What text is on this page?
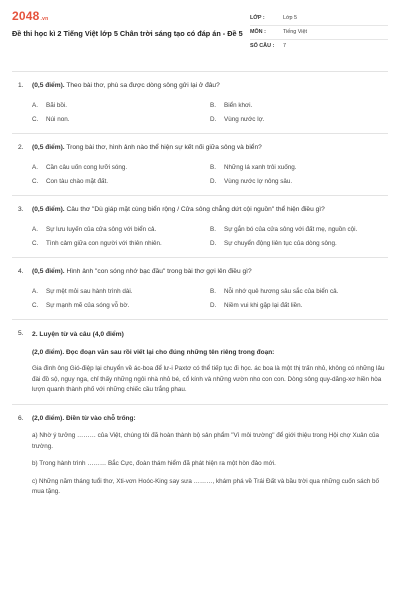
2048 .vn
Đề thi học kì 2 Tiếng Việt lớp 5 Chân trời sáng tạo có đáp án - Đề 5
LỚP :	Lớp 5
MÔN :	Tiếng Việt
SỐ CÂU :	7
1.	(0,5 điểm). Theo bài thơ, phù sa được dòng sông gửi lại ở đâu?
A.	Bãi bồi.	B.	Biển khơi.
C.	Núi non.	D.	Vùng nước lợ.
2.	(0,5 điểm). Trong bài thơ, hình ảnh nào thể hiện sự kết nối giữa sông và biển?
A.	Cần câu uốn cong lưỡi sóng.	B.	Những lá xanh trôi xuống.
C.	Con tàu chào mặt đất.	D.	Vùng nước lợ nông sâu.
3.	(0,5 điểm). Câu thơ "Dù giáp mặt cùng biển rộng / Cửa sông chẳng dứt cội nguồn" thể hiện điều gì?
A.	Sự lưu luyến của cửa sông với biển cả.	B.	Sự gắn bó của cửa sông với đất mẹ, nguồn cội.
C.	Tình cảm giữa con người với thiên nhiên.	D.	Sự chuyển động liên tục của dòng sông.
4.	(0,5 điểm). Hình ảnh "con sóng nhớ bạc đầu" trong bài thơ gợi lên điều gì?
A.	Sự mệt mỏi sau hành trình dài.	B.	Nỗi nhớ quê hương sâu sắc của biển cả.
C.	Sự mạnh mẽ của sóng vỗ bờ.	D.	Niềm vui khi gặp lại đất liền.
5.	2. Luyện từ và câu (4,0 điểm)
(2,0 điểm). Đọc đoạn văn sau rồi viết lại cho đúng những tên riêng trong đoạn:
Gia đình ông Gió-điệp lại chuyển về ác-boa để lư-i Paxtơ có thể tiếp tục đi học. ác boa là một thị trấn nhỏ, không có những lâu đài đồ sộ, nguy nga, chỉ thấy những ngôi nhà nhỏ bé, cổ kính và những vườn nho con con. Dòng sông quy-dăng-xơ hiền hòa lượn quanh thành phố với những chiếc cầu trắng phau.
6.	(2,0 điểm). Điền từ vào chỗ trống:
a) Nhờ ý tưởng ……… của Việt, chúng tôi đã hoàn thành bộ sản phẩm "Vì môi trường" để giới thiệu trong Hội chợ Xuân của trường.
b) Trong hành trình ……… Bắc Cực, đoàn thám hiểm đã phát hiện ra một hòn đảo mới.
c) Những năm tháng tuổi thơ, Xti-vơn Hoóc-King say sưa ………, khám phá về Trái Đất và bầu trời qua những cuốn sách bố mua tặng.
